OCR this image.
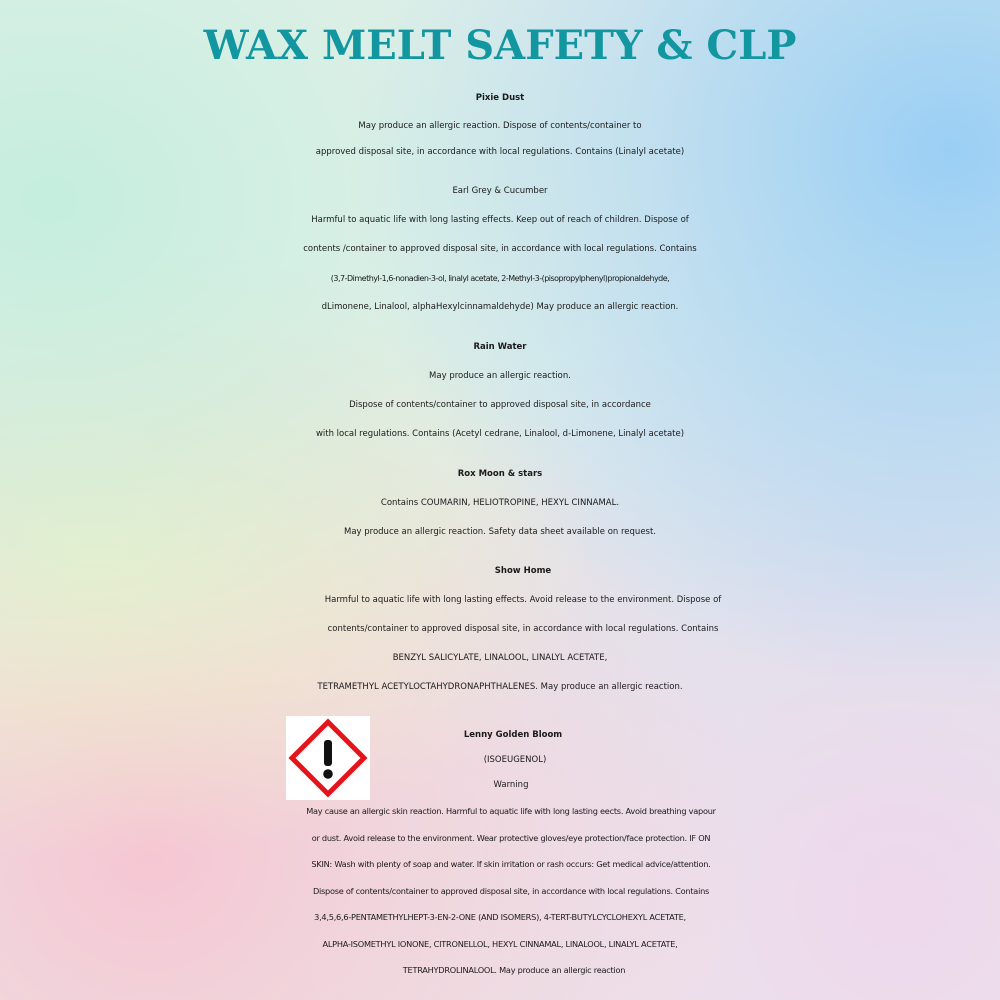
WAX MELT SAFETY & CLP
Pixie Dust
May produce an allergic reaction. Dispose of contents/container to
approved disposal site, in accordance with local regulations. Contains (Linalyl acetate)
Earl Grey & Cucumber
Harmful to aquatic life with long lasting effects. Keep out of reach of children. Dispose of
contents /container to approved disposal site, in accordance with local regulations. Contains
(3,7-Dimethyl-1,6-nonadien-3-ol, linalyl acetate, 2-Methyl-3-(pisopropylphenyl)propionaldehyde,
dLimonene, Linalool, alphaHexylcinnamaldehyde) May produce an allergic reaction.
Rain Water
May produce an allergic reaction.
Dispose of contents/container to approved disposal site, in accordance
with local regulations. Contains (Acetyl cedrane, Linalool, d-Limonene, Linalyl acetate)
Rox Moon & stars
Contains COUMARIN, HELIOTROPINE, HEXYL CINNAMAL.
May produce an allergic reaction. Safety data sheet available on request.
Show Home
Harmful to aquatic life with long lasting effects. Avoid release to the environment. Dispose of
contents/container to approved disposal site, in accordance with local regulations. Contains
BENZYL SALICYLATE, LINALOOL, LINALYL ACETATE,
TETRAMETHYL ACETYLOCTAHYDRONAPHTHALENES. May produce an allergic reaction.
Lenny Golden Bloom
(ISOEUGENOL)
Warning
May cause an allergic skin reaction. Harmful to aquatic life with long lasting eects. Avoid breathing vapour
or dust. Avoid release to the environment. Wear protective gloves/eye protection/face protection. IF ON
SKIN: Wash with plenty of soap and water. If skin irritation or rash occurs: Get medical advice/attention.
Dispose of contents/container to approved disposal site, in accordance with local regulations. Contains
3,4,5,6,6-PENTAMETHYLHEPT-3-EN-2-ONE (AND ISOMERS), 4-TERT-BUTYLCYCLOHEXYL ACETATE,
ALPHA-ISOMETHYL IONONE, CITRONELLOL, HEXYL CINNAMAL, LINALOOL, LINALYL ACETATE,
TETRAHYDROLINALOOL. May produce an allergic reaction
